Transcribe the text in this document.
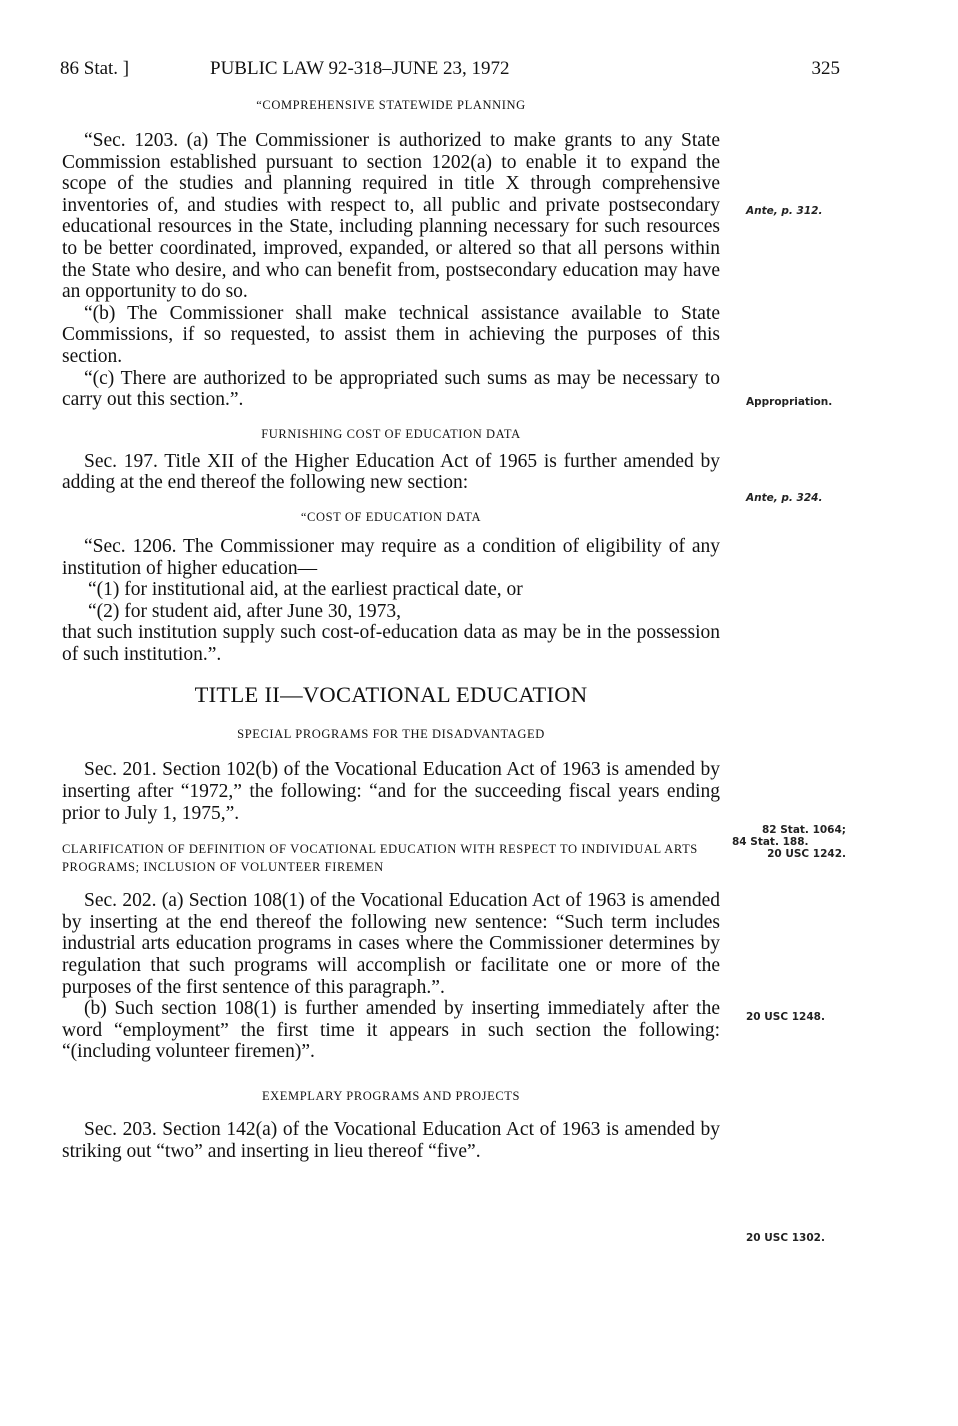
86 Stat. ]	PUBLIC LAW 92-318–JUNE 23, 1972	325

“COMPREHENSIVE STATEWIDE PLANNING

“Sec. 1203. (a) The Commissioner is authorized to make grants to any State Commission established pursuant to section 1202(a) to enable it to expand the scope of the studies and planning required in title X through comprehensive inventories of, and studies with respect to, all public and private postsecondary educational resources in the State, including planning necessary for such resources to be better coordinated, improved, expanded, or altered so that all persons within the State who desire, and who can benefit from, postsecondary education may have an opportunity to do so.

“(b) The Commissioner shall make technical assistance available to State Commissions, if so requested, to assist them in achieving the purposes of this section.

“(c) There are authorized to be appropriated such sums as may be necessary to carry out this section.”.

FURNISHING COST OF EDUCATION DATA

Sec. 197. Title XII of the Higher Education Act of 1965 is further amended by adding at the end thereof the following new section:

“COST OF EDUCATION DATA

“Sec. 1206. The Commissioner may require as a condition of eligibility of any institution of higher education—

“(1) for institutional aid, at the earliest practical date, or

“(2) for student aid, after June 30, 1973,

that such institution supply such cost-of-education data as may be in the possession of such institution.”.

TITLE II—VOCATIONAL EDUCATION

SPECIAL PROGRAMS FOR THE DISADVANTAGED

Sec. 201. Section 102(b) of the Vocational Education Act of 1963 is amended by inserting after “1972,” the following: “and for the succeeding fiscal years ending prior to July 1, 1975,”.

CLARIFICATION OF DEFINITION OF VOCATIONAL EDUCATION WITH RESPECT TO INDIVIDUAL ARTS PROGRAMS; INCLUSION OF VOLUNTEER FIREMEN

Sec. 202. (a) Section 108(1) of the Vocational Education Act of 1963 is amended by inserting at the end thereof the following new sentence: “Such term includes industrial arts education programs in cases where the Commissioner determines by regulation that such programs will accomplish or facilitate one or more of the purposes of the first sentence of this paragraph.”.

(b) Such section 108(1) is further amended by inserting immediately after the word “employment” the first time it appears in such section the following: “(including volunteer firemen)”.

EXEMPLARY PROGRAMS AND PROJECTS

Sec. 203. Section 142(a) of the Vocational Education Act of 1963 is amended by striking out “two” and inserting in lieu thereof “five”.

Ante, p. 312.
Appropriation.
Ante, p. 324.
82 Stat. 1064;
84 Stat. 188.
20 USC 1242.
20 USC 1248.
20 USC 1302.
